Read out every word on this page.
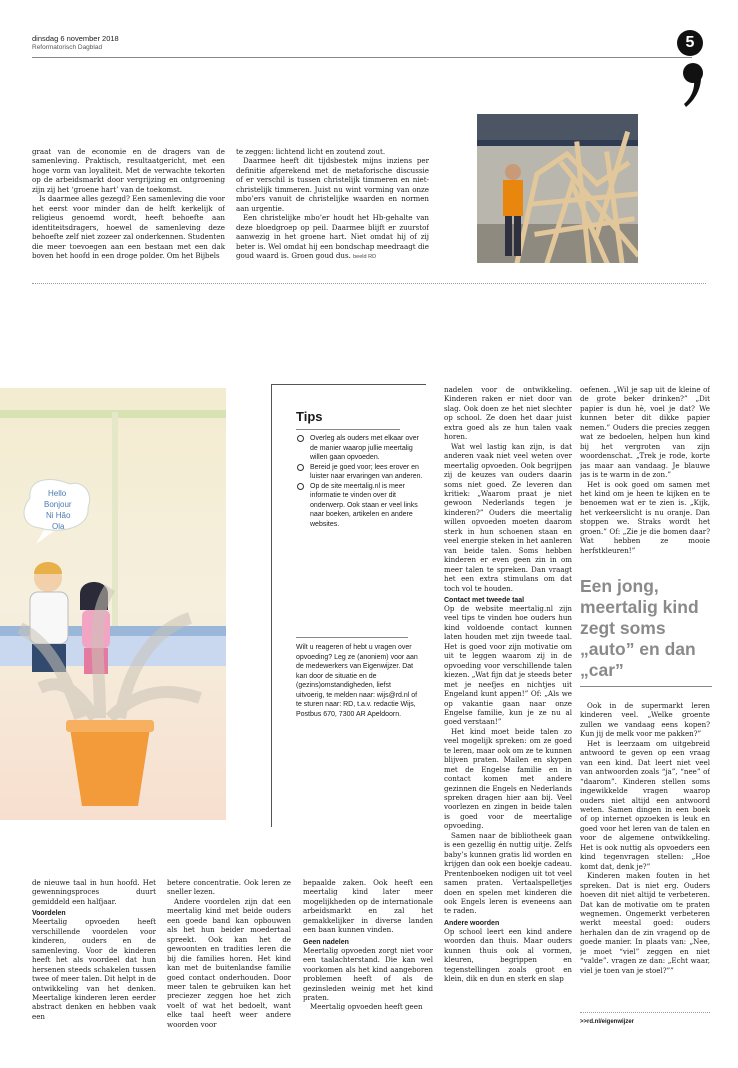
dinsdag 6 november 2018
Reformatorisch Dagblad	5

graat van de economie en de dragers van de samenleving. Praktisch, resultaatgericht, met een hoge vorm van loyaliteit. Met de verwachte tekorten op de arbeidsmarkt door vergrijzing en ontgroening zijn zij het ‘groene hart’ van de toekomst.

Is daarmee alles gezegd? Een samenleving die voor het eerst voor minder dan de helft kerkelijk of religieus genoemd wordt, heeft behoefte aan identiteitsdragers, hoewel de samenleving deze behoefte zelf niet zozeer zal onderkennen. Studenten die meer toevoegen aan een bestaan met een dak boven het hoofd in een droge polder. Om het Bijbels

te zeggen: lichtend licht en zoutend zout.

Daarmee heeft dit tijdsbestek mijns inziens per definitie afgerekend met de metaforische discussie of er verschil is tussen christelijk timmeren en niet-christelijk timmeren. Juist nu wint vorming van onze mbo’ers vanuit de christelijke waarden en normen aan urgentie.

Een christelijke mbo’er houdt het Hb-gehalte van deze bloedgroep op peil. Daarmee blijft er zuurstof aanwezig in het groene hart. Niet omdat hij of zij beter is. Wel omdat hij een bondschap meedraagt die goud waard is. Groen goud dus. beeld RD

Hello
Bonjour
Ni Hăo
Ola
Tips
Overleg als ouders met elkaar over de manier waarop jullie meertalig willen gaan opvoeden.
Bereid je goed voor; lees erover en luister naar ervaringen van anderen.
Op de site meertalig.nl is meer informatie te vinden over dit onderwerp. Ook staan er veel links naar boeken, artikelen en andere websites.
Wilt u reageren of hebt u vragen over opvoeding? Leg ze (anoniem) voor aan de medewerkers van Eigenwijzer. Dat kan door de situatie en de (gezins)omstandigheden, liefst uitvoerig, te melden naar: wijs@rd.nl of te sturen naar: RD, t.a.v. redactie Wijs, Postbus 670, 7300 AR Apeldoorn.

nadelen voor de ontwikkeling. Kinderen raken er niet door van slag. Ook doen ze het niet slechter op school. Ze doen het daar juist extra goed als ze hun talen vaak horen.

Wat wel lastig kan zijn, is dat anderen vaak niet veel weten over meertalig opvoeden. Ook begrijpen zij de keuzes van ouders daarin soms niet goed. Ze leveren dan kritiek: „Waarom praat je niet gewoon Nederlands tegen je kinderen?” Ouders die meertalig willen opvoeden moeten daarom sterk in hun schoenen staan en veel energie steken in het aanleren van beide talen. Soms hebben kinderen er even geen zin in om meer talen te spreken. Dan vraagt het een extra stimulans om dat toch vol te houden.

Contact met tweede taal

Op de website meertalig.nl zijn veel tips te vinden hoe ouders hun kind voldoende contact kunnen laten houden met zijn tweede taal. Het is goed voor zijn motivatie om uit te leggen waarom zij in de opvoeding voor verschillende talen kiezen. „Wat fijn dat je steeds beter met je neefjes en nichtjes uit Engeland kunt appen!” Of: „Als we op vakantie gaan naar onze Engelse familie, kun je ze nu al goed verstaan!”

Het kind moet beide talen zo veel mogelijk spreken: om ze goed te leren, maar ook om ze te kunnen blijven praten. Mailen en skypen met de Engelse familie en in contact komen met andere gezinnen die Engels en Nederlands spreken dragen hier aan bij. Veel voorlezen en zingen in beide talen is goed voor de meertalige opvoeding.

Samen naar de bibliotheek gaan is een gezellig én nuttig uitje. Zelfs baby’s kunnen gratis lid worden en krijgen dan ook een boekje cadeau. Prentenboeken nodigen uit tot veel samen praten. Vertaalspelletjes doen en spelen met kinderen die ook Engels leren is eveneens aan te raden.

Andere woorden

Op school leert een kind andere woorden dan thuis. Maar ouders kunnen thuis ook al vormen, kleuren, begrippen en tegenstellingen zoals groot en klein, dik en dun en sterk en slap

oefenen. „Wil je sap uit de kleine of de grote beker drinken?” „Dit papier is dun hè, voel je dat? We kunnen beter dit dikke papier nemen.” Ouders die precies zeggen wat ze bedoelen, helpen hun kind bij het vergroten van zijn woordenschat. „Trek je rode, korte jas maar aan vandaag. Je blauwe jas is te warm in de zon.”

Het is ook goed om samen met het kind om je heen te kijken en te benoemen wat er te zien is. „Kijk, het verkeerslicht is nu oranje. Dan stoppen we. Straks wordt het groen.” Of: „Zie je die bomen daar? Wat hebben ze mooie herfstkleuren!”

Een jong, meertalig kind zegt soms „auto” en dan „car”

Ook in de supermarkt leren kinderen veel. „Welke groente zullen we vandaag eens kopen? Kun jij de melk voor me pakken?”

Het is leerzaam om uitgebreid antwoord te geven op een vraag van een kind. Dat leert niet veel van antwoorden zoals “ja”, “nee” of “daarom”. Kinderen stellen soms ingewikkelde vragen waarop ouders niet altijd een antwoord weten. Samen dingen in een boek of op internet opzoeken is leuk en goed voor het leren van de talen en voor de algemene ontwikkeling. Het is ook nuttig als opvoeders een kind tegenvragen stellen: „Hoe komt dat, denk je?”

Kinderen maken fouten in het spreken. Dat is niet erg. Ouders hoeven dit niet altijd te verbeteren. Dat kan de motivatie om te praten wegnemen. Ongemerkt verbeteren werkt meestal goed: ouders herhalen dan de zin vragend op de goede manier. In plaats van: „Nee, je moet “viel” zeggen en niet “valde”. vragen ze dan: „Echt waar, viel je toen van je stoel?””

>>rd.nl/eigenwijzer

de nieuwe taal in hun hoofd. Het gewenningsproces duurt gemiddeld een halfjaar.

Voordelen

Meertalig opvoeden heeft verschillende voordelen voor kinderen, ouders en de samenleving. Voor de kinderen heeft het als voordeel dat hun hersenen steeds schakelen tussen twee of meer talen. Dit helpt in de ontwikkeling van het denken. Meertalige kinderen leren eerder abstract denken en hebben vaak een

betere concentratie. Ook leren ze sneller lezen.

Andere voordelen zijn dat een meertalig kind met beide ouders een goede band kan opbouwen als het hun beider moedertaal spreekt. Ook kan het de gewoonten en tradities leren die bij die families horen. Het kind kan met de buitenlandse familie goed contact onderhouden. Door meer talen te gebruiken kan het preciezer zeggen hoe het zich voelt of wat het bedoelt, want elke taal heeft weer andere woorden voor

bepaalde zaken. Ook heeft een meertalig kind later meer mogelijkheden op de internationale arbeidsmarkt en zal het gemakkelijker in diverse landen een baan kunnen vinden.

Geen nadelen

Meertalig opvoeden zorgt niet voor een taalachterstand. Die kan wel voorkomen als het kind aangeboren problemen heeft of als de gezinsleden weinig met het kind praten.

Meertalig opvoeden heeft geen
